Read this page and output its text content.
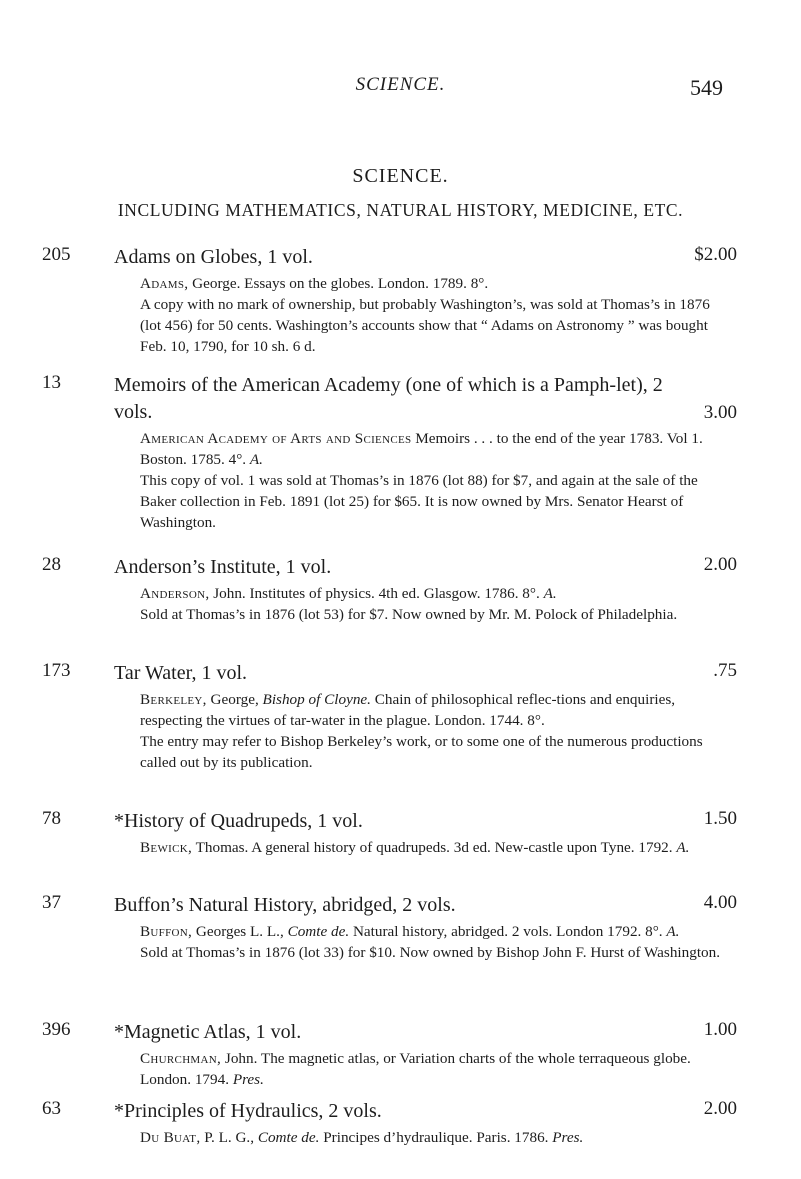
SCIENCE.	549
SCIENCE.
INCLUDING MATHEMATICS, NATURAL HISTORY, MEDICINE, ETC.
205	Adams on Globes, 1 vol.	$2.00

Adams, George. Essays on the globes. London. 1789. 8°.

A copy with no mark of ownership, but probably Washington’s, was sold at Thomas’s in 1876 (lot 456) for 50 cents. Washington’s accounts show that “ Adams on Astronomy ” was bought Feb. 10, 1790, for 10 sh. 6 d.

13	Memoirs of the American Academy (one of which is a Pamph-let), 2 vols.	3.00

American Academy of Arts and Sciences Memoirs . . . to the end of the year 1783. Vol 1. Boston. 1785. 4°. A.

This copy of vol. 1 was sold at Thomas’s in 1876 (lot 88) for $7, and again at the sale of the Baker collection in Feb. 1891 (lot 25) for $65. It is now owned by Mrs. Senator Hearst of Washington.

28	Anderson’s Institute, 1 vol.	2.00

Anderson, John. Institutes of physics. 4th ed. Glasgow. 1786. 8°. A.

Sold at Thomas’s in 1876 (lot 53) for $7. Now owned by Mr. M. Polock of Philadelphia.

173	Tar Water, 1 vol.	.75

Berkeley, George, Bishop of Cloyne. Chain of philosophical reflec-tions and enquiries, respecting the virtues of tar-water in the plague. London. 1744. 8°.

The entry may refer to Bishop Berkeley’s work, or to some one of the numerous productions called out by its publication.

78	*History of Quadrupeds, 1 vol.	1.50

Bewick, Thomas. A general history of quadrupeds. 3d ed. New-castle upon Tyne. 1792. A.

37	Buffon’s Natural History, abridged, 2 vols.	4.00

Buffon, Georges L. L., Comte de. Natural history, abridged. 2 vols. London 1792. 8°. A.

Sold at Thomas’s in 1876 (lot 33) for $10. Now owned by Bishop John F. Hurst of Washington.

396	*Magnetic Atlas, 1 vol.	1.00

Churchman, John. The magnetic atlas, or Variation charts of the whole terraqueous globe. London. 1794. Pres.

63	*Principles of Hydraulics, 2 vols.	2.00

Du Buat, P. L. G., Comte de. Principes d’hydraulique. Paris. 1786. Pres.
